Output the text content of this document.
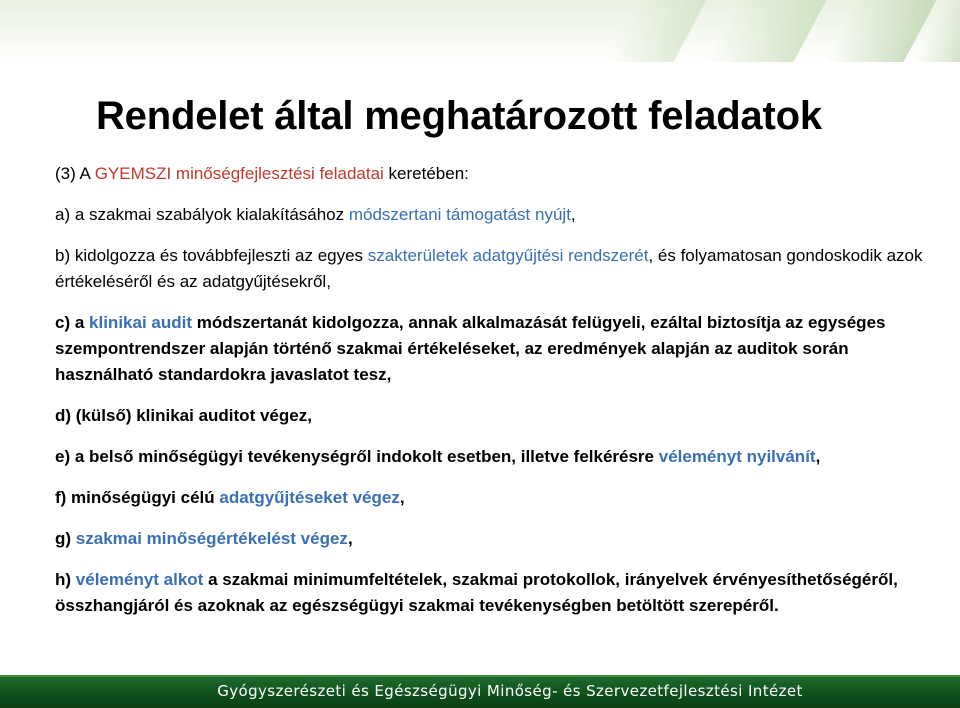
Rendelet által meghatározott feladatok

(3) A GYEMSZI minőségfejlesztési feladatai keretében:

a) a szakmai szabályok kialakításához módszertani támogatást nyújt,

b) kidolgozza és továbbfejleszti az egyes szakterületek adatgyűjtési rendszerét, és folyamatosan gondoskodik azok értékeléséről és az adatgyűjtésekről,

c) a klinikai audit módszertanát kidolgozza, annak alkalmazását felügyeli, ezáltal biztosítja az egységes szempontrendszer alapján történő szakmai értékeléseket, az eredmények alapján az auditok során használható standardokra javaslatot tesz,

d) (külső) klinikai auditot végez,

e) a belső minőségügyi tevékenységről indokolt esetben, illetve felkérésre véleményt nyilvánít,

f) minőségügyi célú adatgyűjtéseket végez,

g) szakmai minőségértékelést végez,

h) véleményt alkot a szakmai minimumfeltételek, szakmai protokollok, irányelvek érvényesíthetőségéről, összhangjáról és azoknak az egészségügyi szakmai tevékenységben betöltött szerepéről.

Gyógyszerészeti és Egészségügyi Minőség- és Szervezetfejlesztési Intézet
